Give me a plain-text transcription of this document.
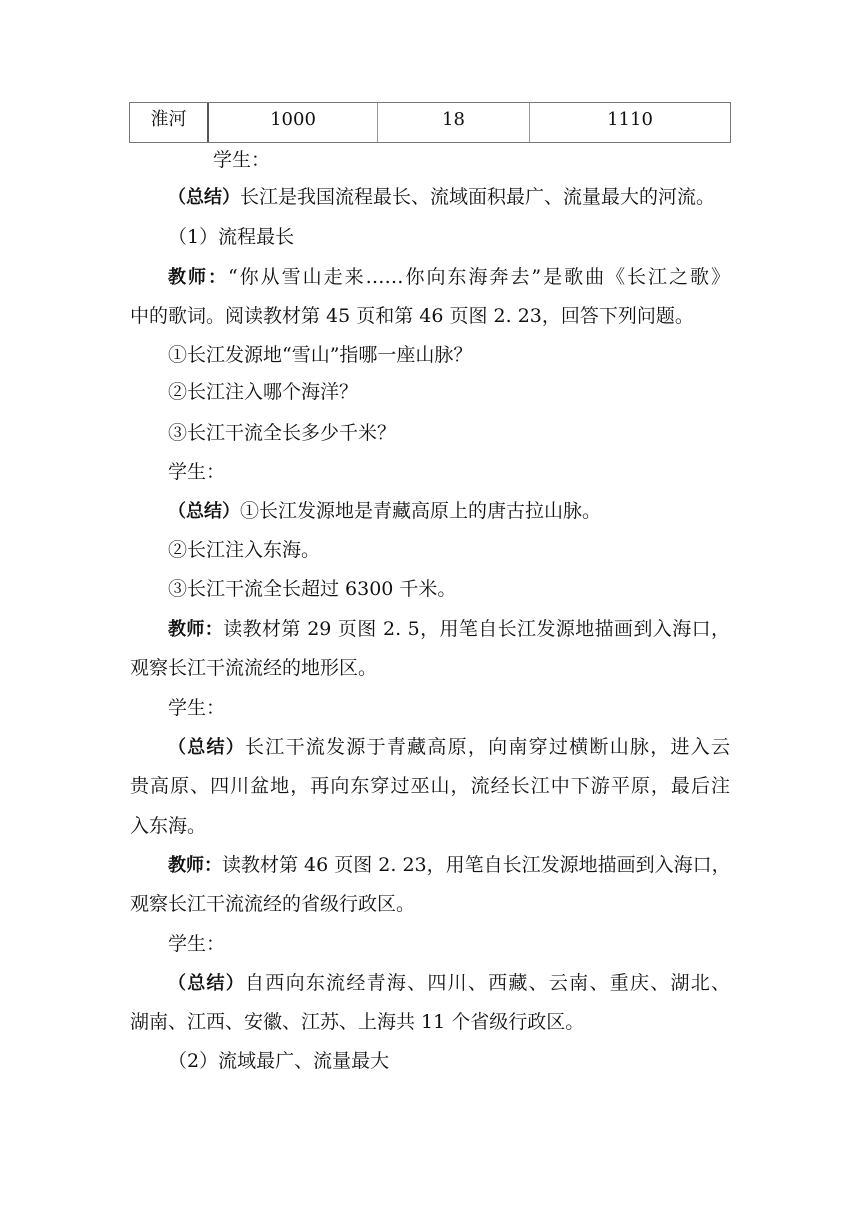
淮河	1000	18	1110
学生：
（总结）长江是我国流程最长、流域面积最广、流量最大的河流。
（1）流程最长
教师：“你从雪山走来……你向东海奔去”是歌曲《长江之歌》
中的歌词。阅读教材第 45 页和第 46 页图 2. 23，回答下列问题。
①长江发源地“雪山”指哪一座山脉？
②长江注入哪个海洋？
③长江干流全长多少千米？
学生：
（总结）①长江发源地是青藏高原上的唐古拉山脉。
②长江注入东海。
③长江干流全长超过 6300 千米。
教师：读教材第 29 页图 2. 5，用笔自长江发源地描画到入海口，
观察长江干流流经的地形区。
学生：
（总结）长江干流发源于青藏高原，向南穿过横断山脉，进入云
贵高原、四川盆地，再向东穿过巫山，流经长江中下游平原，最后注
入东海。
教师：读教材第 46 页图 2. 23，用笔自长江发源地描画到入海口，
观察长江干流流经的省级行政区。
学生：
（总结）自西向东流经青海、四川、西藏、云南、重庆、湖北、
湖南、江西、安徽、江苏、上海共 11 个省级行政区。
（2）流域最广、流量最大
